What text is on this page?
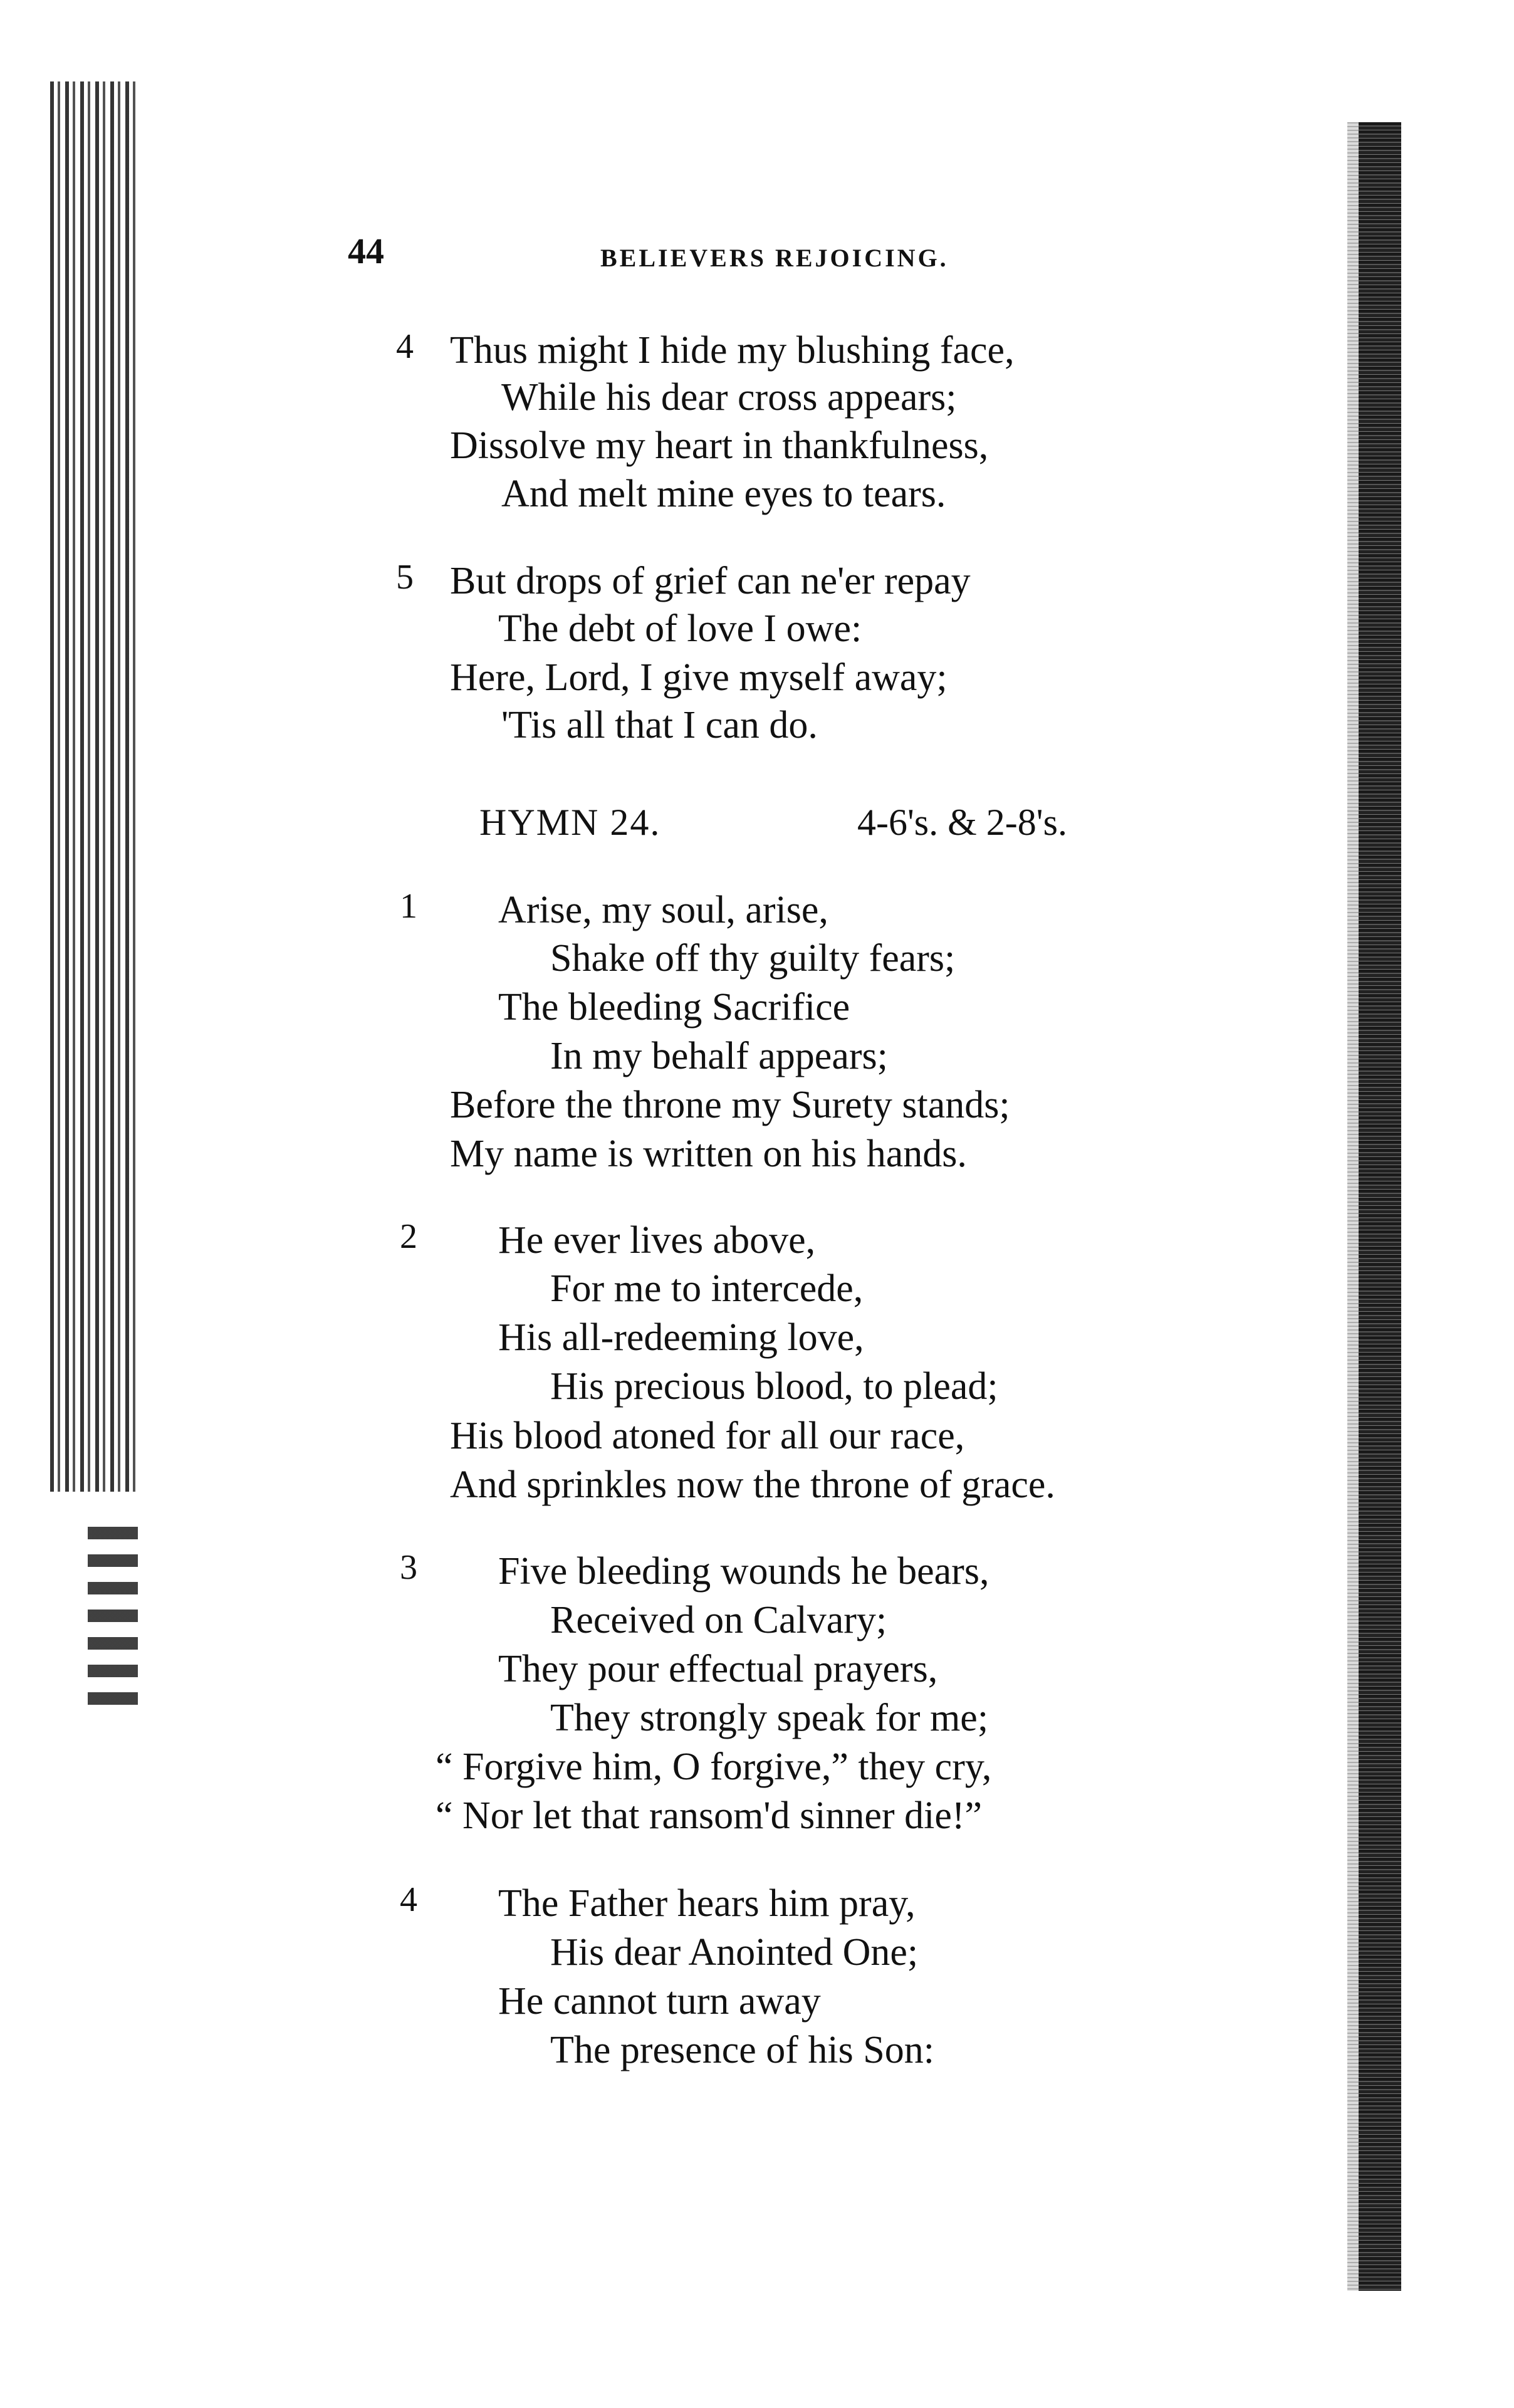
44	BELIEVERS REJOICING.
4 Thus might I hide my blushing face,
While his dear cross appears;
Dissolve my heart in thankfulness,
And melt mine eyes to tears.
5 But drops of grief can ne'er repay
The debt of love I owe:
Here, Lord, I give myself away;
'Tis all that I can do.
HYMN 24.	4-6's. & 2-8's.
1 Arise, my soul, arise,
Shake off thy guilty fears;
The bleeding Sacrifice
In my behalf appears;
Before the throne my Surety stands;
My name is written on his hands.
2 He ever lives above,
For me to intercede,
His all-redeeming love,
His precious blood, to plead;
His blood atoned for all our race,
And sprinkles now the throne of grace.
3 Five bleeding wounds he bears,
Received on Calvary;
They pour effectual prayers,
They strongly speak for me;
“ Forgive him, O forgive,” they cry,
“ Nor let that ransom'd sinner die!”
4 The Father hears him pray,
His dear Anointed One;
He cannot turn away
The presence of his Son:
